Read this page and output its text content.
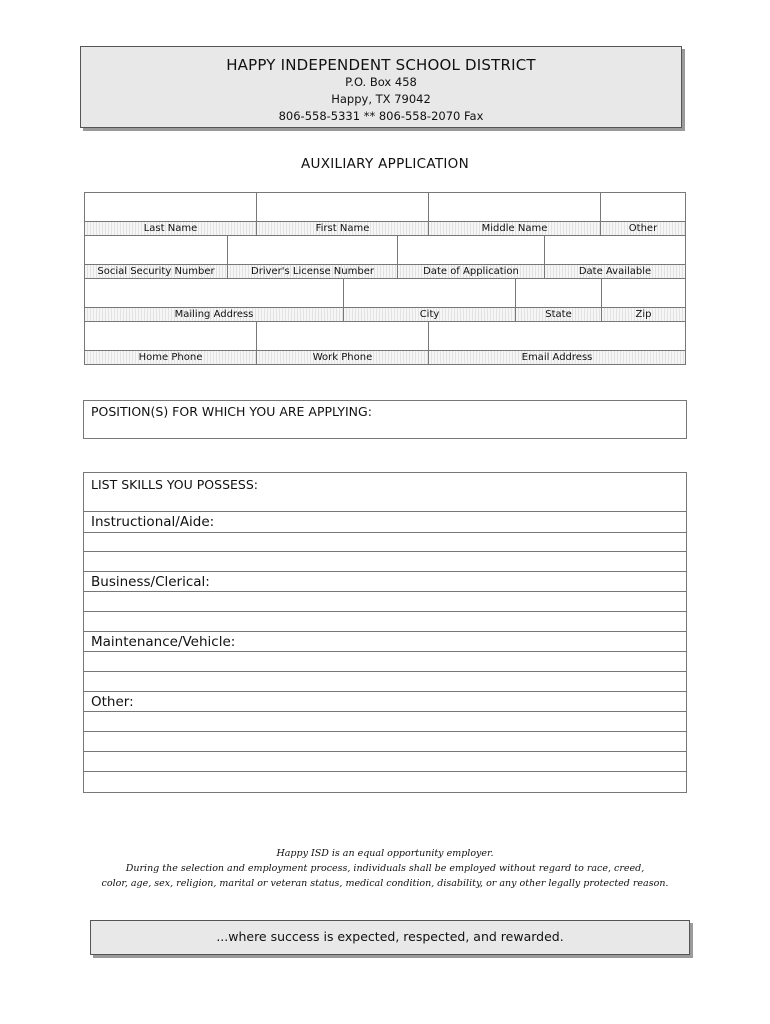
HAPPY INDEPENDENT SCHOOL DISTRICT
P.O. Box 458
Happy, TX 79042
806-558-5331 ** 806-558-2070 Fax
AUXILIARY APPLICATION
Last Name	First Name	Middle Name	Other
Social Security Number	Driver's License Number	Date of Application	Date Available
Mailing Address	City	State	Zip
Home Phone	Work Phone	Email Address
POSITION(S) FOR WHICH YOU ARE APPLYING:
LIST SKILLS YOU POSSESS:
Instructional/Aide:
Business/Clerical:
Maintenance/Vehicle:
Other:
Happy ISD is an equal opportunity employer.
During the selection and employment process, individuals shall be employed without regard to race, creed,
color, age, sex, religion, marital or veteran status, medical condition, disability, or any other legally protected reason.
...where success is expected, respected, and rewarded.
